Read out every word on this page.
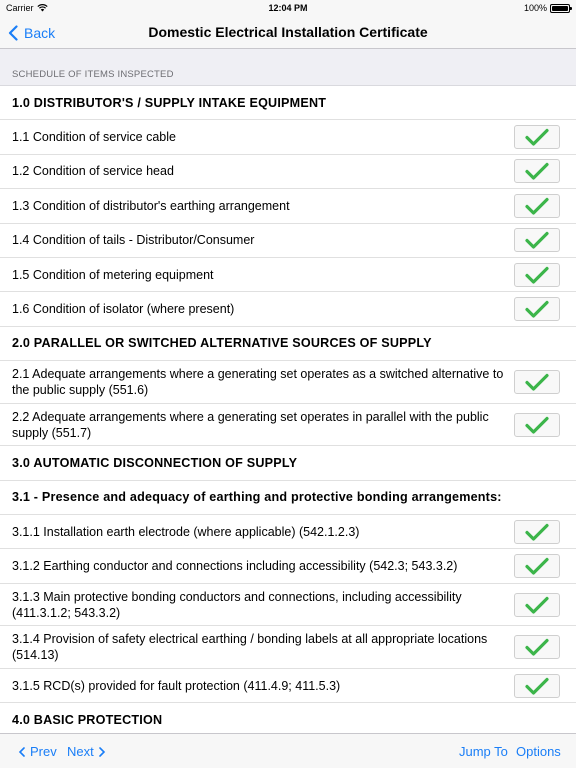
Carrier	12:04 PM	100%
Back	Domestic Electrical Installation Certificate
SCHEDULE OF ITEMS INSPECTED
1.0 DISTRIBUTOR'S / SUPPLY INTAKE EQUIPMENT
1.1 Condition of service cable
1.2 Condition of service head
1.3 Condition of distributor's earthing arrangement
1.4 Condition of tails - Distributor/Consumer
1.5 Condition of metering equipment
1.6 Condition of isolator (where present)
2.0 PARALLEL OR SWITCHED ALTERNATIVE SOURCES OF SUPPLY
2.1 Adequate arrangements where a generating set operates as a switched alternative to the public supply (551.6)
2.2 Adequate arrangements where a generating set operates in parallel with the public supply (551.7)
3.0 AUTOMATIC DISCONNECTION OF SUPPLY
3.1 - Presence and adequacy of earthing and protective bonding arrangements:
3.1.1 Installation earth electrode (where applicable) (542.1.2.3)
3.1.2 Earthing conductor and connections including accessibility (542.3; 543.3.2)
3.1.3 Main protective bonding conductors and connections, including accessibility (411.3.1.2; 543.3.2)
3.1.4 Provision of safety electrical earthing / bonding labels at all appropriate locations (514.13)
3.1.5 RCD(s) provided for fault protection (411.4.9; 411.5.3)
4.0 BASIC PROTECTION
Prev Next	Jump To Options
